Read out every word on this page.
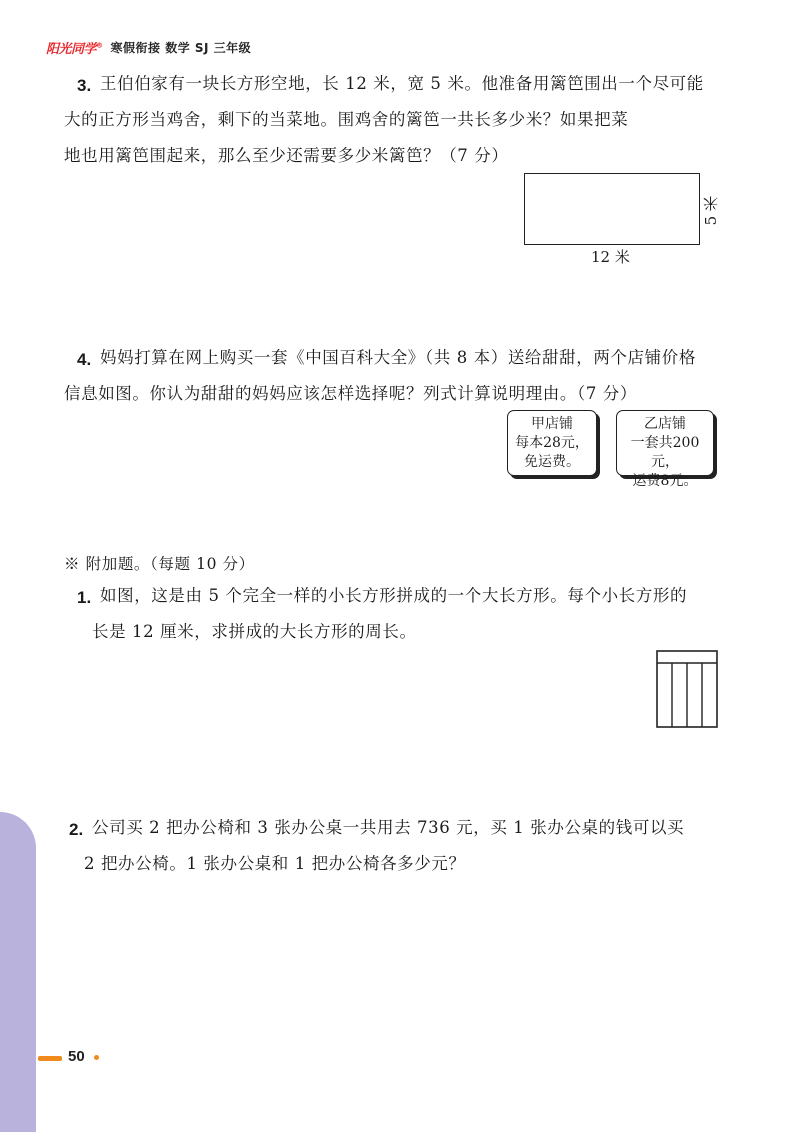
阳光同学® 寒假衔接 数学 SJ 三年级
3. 王伯伯家有一块长方形空地，长 12 米，宽 5 米。他准备用篱笆围出一个尽可能
大的正方形当鸡舍，剩下的当菜地。围鸡舍的篱笆一共长多少米？如果把菜
地也用篱笆围起来，那么至少还需要多少米篱笆？（7 分）
12 米
5 米
4. 妈妈打算在网上购买一套《中国百科大全》（共 8 本）送给甜甜，两个店铺价格
信息如图。你认为甜甜的妈妈应该怎样选择呢？列式计算说明理由。（7 分）
甲店铺
每本28元，
免运费。
乙店铺
一套共200元，
运费8元。
※ 附加题。（每题 10 分）
1. 如图，这是由 5 个完全一样的小长方形拼成的一个大长方形。每个小长方形的
长是 12 厘米，求拼成的大长方形的周长。
2. 公司买 2 把办公椅和 3 张办公桌一共用去 736 元，买 1 张办公桌的钱可以买
2 把办公椅。1 张办公桌和 1 把办公椅各多少元？
50
